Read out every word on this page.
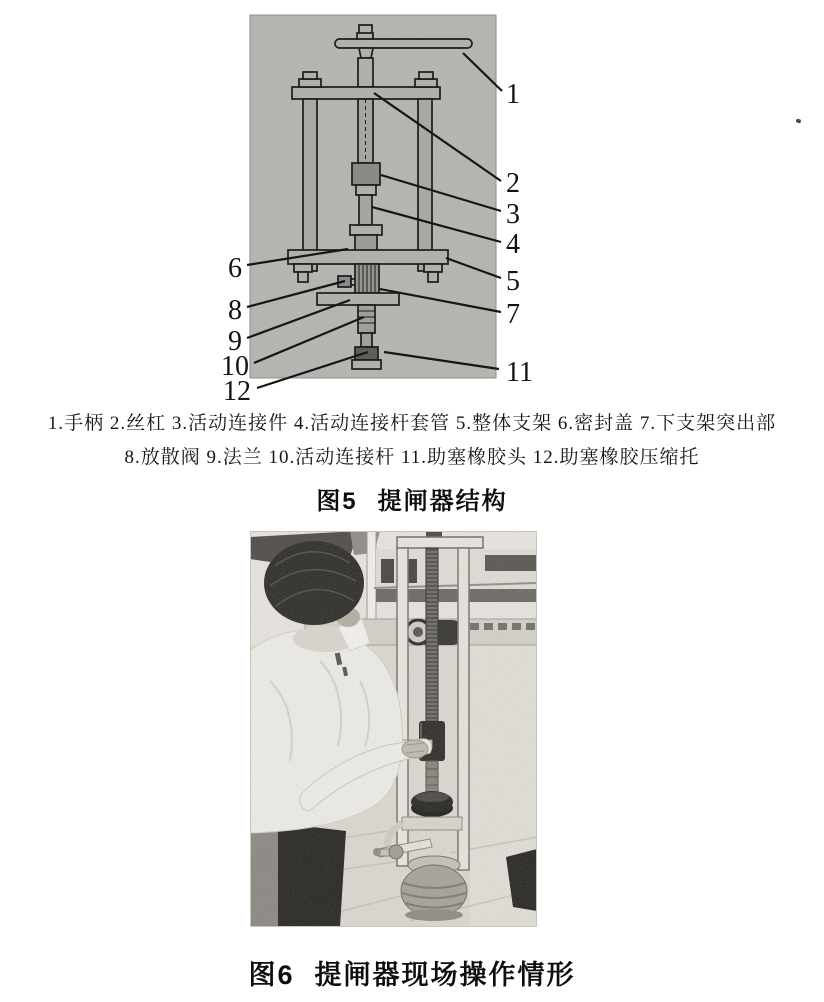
1
2
3
4
5
6
7
8
9
10	11
12
1.手柄 2.丝杠 3.活动连接件 4.活动连接杆套管 5.整体支架 6.密封盖 7.下支架突出部
8.放散阀 9.法兰 10.活动连接杆 11.助塞橡胶头 12.助塞橡胶压缩托
图5 提闸器结构
图6 提闸器现场操作情形
